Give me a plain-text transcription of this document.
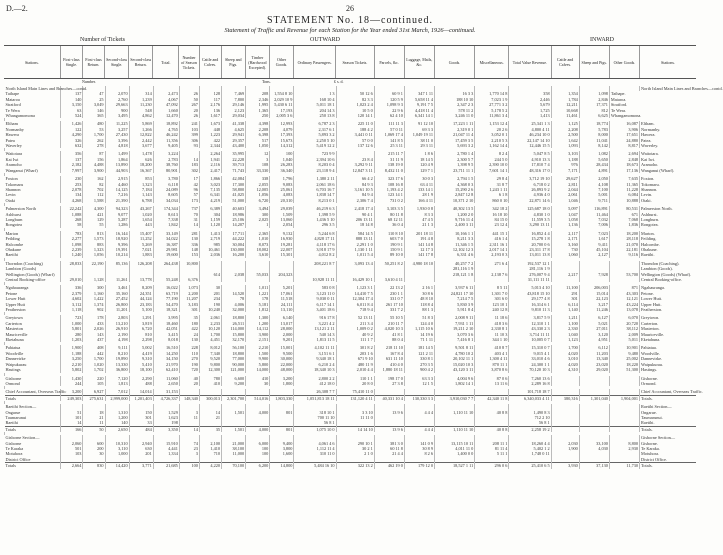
D.—2.	26
STATEMENT No. 18—continued.
Statement of Traffic and Revenue for each Station for the Year ended 31st March, 1926—continued.
Number of Tickets	OUTWARD	INWARD
Stations.	First-class Single.	First-class Return.	Second-class Single.	Second-class Return.	Total.	Number of Season Tickets.	Cattle and Calves.	Sheep and Pigs.	Timber (Hardwood Excepted).	Other Goods.	Ordinary Passengers.	Season Tickets.	Parcels, &c.	Luggage, Mails, &c.	Goods.	Miscellaneous.	Total Value Revenue.	Cattle and Calves.	Sheep and Pigs.	Other Goods.	Stations.
Number.	Tons.	£ s. d.
North Island Main Lines and Branches—contd.																					North Island Main Lines and Branches—contd.
Taihape	137	47	2,070	314	2,473	26	128	7,469	208	1,554 8 10	1 3	50 12 6	60 9 1	347 1 11	16 3 3	1,770 14 8	358	1,354	1,098	Taihape.	
Mataroa	140	25	2,760	1,239	4,067	50	117	7,800	2,346	2,029 10 9	168 10 4	82 3 3	120 5 9	5,658 11 4	188 10 10	7,023 1 9	2,446	1,784	2,846	Mataroa.	
Stratford	3,150	3,049	29,663	11,230	47,092	267	2,176	29,146	1,995	5,430 6 11	5,011 18 1	1,023 2 4	1,098 9 3	9,191 7 5	2,347 2 3	27,771 3 2	5,679	12,211	17,371	Stratford.	
Te Wera	63	146	900	548	1,660	20	136	2,123	1,365	17,193	204 14 3	10 5 0	22 9 6	4,418 11 4	578 11 2	5,178 5 2	1,725	10,668	812	Te Wera.	
Whangamomona	524	365	3,495	4,862	12,470	26	1,617	29,034	250	2,005 3 6	250 13 8	120 14 1	62 4 10	6,341 14 1	3,246 11 0	11,861 3 4	1,413	11,461	6,625	Whangamomona.	

Eltham	1,426	480	11,225	5,869	18,892	241	1,673	41,338	4,398	12,993	6,787 2 3	225 11 0	111 11 3	91 12 10	17,223 1 11	1,153 12 4	25,341 1 3	1,125	18,774	16,087	Eltham.
Normanby	122	53	3,257	1,266	4,765	103	448	4,625	2,208	4,079	2,317 6 1	188 4 2	57 0 11	69 3 3	2,319 0 1	20 2 6	4,800 4 11	2,208	5,783	3,906	Normanby.
Hawera	4,290	1,700	27,430	12,822	46,242	399	1,223	29,941	6,398	17,393	5,893 3 2	3,441 0 11	1,069 17 4	1,049 19 11	21,047 11 4	3,052 0 1	46,234 10 0	2,500	8,000	17,651	Hawera.
Patea	326	262	3,396	2,442	11,356	306	422	29,357	517	15,673	2,250 5 10	57 0 0	141 8 5	38 11 0	17,459 3 5	2,210 5 3	22,147 14 10	1,642	11,041	24,880	Patea.
Waverley	632	278	4,818	3,677	9,405	93	2,344	43,400	1,050	14,312	5,419 12 2	137 12 6	25 3 11	29 3 11	5,693 3 2	1,162 14 4	12,446 15 5	1,093	8,142	8,817	Waverley.

Waitotara	356	87	1,499	1,478	3,224		2,264	35,995	12	100	723 9 9		215 11 7	1 8 6	2,780 1 4	8 2 4	5,047 8 5	3,103	1,082	2,694	Waitotara.
Kai Iwi	137	156	1,864	626	2,783	14	1,941	22,228	3	1,040	2,394 10 6	23 8 4	31 11 9	18 14 5	2,300 5 7	244 5 0	4,910 13 3	1,188	5,650	2,848	Kai Iwi.
Aramoho	2,182	4,488	13,890	18,200	38,760	183	2,116	39,713	108	26,283	8,203 0 4	3,292 9 11	138 19 0	120 4 9	1,398 9 5	2,390 10 0	17,810 7 4	976	28,434	18,673	Aramoho.
Wanganui (Wharf)	7,997	3,900	44,903	16,367	80,901	302	2,417	71,743	33,330	36,340	23,118 9 4	12,847 3 11	8,432 11 0	129 7 1	23,711 11 1	7,601 14 1	48,316 17 0	7,171	4,891	17,136	Wanganui (Wharf).

Foxton	230	162	2,915	853	3,780	17	1,866	42,084	338	1,796	1,380 2 11	66 4 2	323 17 6	30 0 3	2,794 1 5	29 8 4	3,712 19 10	29,627	2,050	7,635	Foxton.
Tokomaru	253	82	4,460	1,323	6,118	42	3,023	17,300	2,055	9,083	2,061 18 6	84 9 3	108 16 8	63 4 11	4,368 0 3	31 8 7	6,718 0 2	2,811	4,108	11,365	Tokomaru.
Shannon	2,078	702	14,125	7,184	24,089	96	7,135	58,800	12,005	25,061	6,703 16 7	3,161 10 5	1,193 4 2	133 14 1	15,290 2 6	1,243 1 11	26,893 9 2	2,044	7,100	11,228	Shannon.
Levin	134	112	7,216	1,143	8,605	57	6,341	41,025	1,056	4,083	1,838 14 7	84 9 4	123 14 1	28 1 9	2,847 12 8	6 1 8	4,936 4 0	2,061	5,001	6,084	Levin.
Otaki	4,268	1,588	21,390	6,788	34,034	173	4,219	51,000	6,720	20,310	8,213 0 1	2,306 7 4	731 0 2	166 4 11	10,371 2 10	860 0 10	22,871 14 6	1,046	9,711	10,888	Otaki.

Palmerston North	22,242	4,300	94,323	43,267	174,344	737	6,389	40,603	3,494	29,039	46,219 6 3	2,418 17 4	3,103 3 5	1,930 0 8	40,302 13 5	342 18 2	125,687 18 0	5,097	116,891	80,531	Palmerston North.
Ashhurst	1,088	421	9,077	1,020	8,613	70	304	18,986	300	1,509	1,398 5 9	90 4 1	80 11 8	8 3 3	1,200 2 0	16 18 10	4,830 1 0	1,047	11,464	671	Ashhurst.
Longburn	268	129	5,287	1,654	7,338	31	1,159	25,106	2,025	13,060	1,436 5 10	206 13 11	68 12 11	47 4 5	9,716 11 4	84 15 0	11,559 3 5	1,058	7,032	7,068	Longburn.
Rongotea	58	55	1,286	443	1,842	14	1,120	14,207	1	2,054	296 3 5	18 14 8	36 0 4	21 1 3	2,400 3 11	23 12 4	3,290 13 11	1,136	7,006	1,836	Rongotea.

Marton	783	813	16,144	15,407	33,149	281	1,413	17,711	2,365	9,132	5,244 6 8	584 14 5	110 8 10	201 18 11	10,166 1 1	441 15 1	16,852 4 4	2,117	7,023	18,200	Marton.
Feilding	2,277	1,573	18,920	11,252	34,022	130	2,719	44,222	1,010	16,930	4,828 17 11	888 13 11	603 7 0	191 4 8	8,211 3 3	416 1 4	15,278 1 8	2,171	1,617	28,118	Feilding.
Halcombe	1,098	883	9,396	5,269	16,387	336	985	30,004	8,073	19,281	4,118 17 6	2,291 1 0	190 9 1	141 14 8	11,346 1 5	2,311 16 1	20,700 0 6	3,160	9,411	21,070	Halcombe.
Ohakune	2,239	1,323	19,391	7,021	29,981	148	10,461	130,000	18,002	22,007	3,918 17 9	1,130 1 11	150 9 1	12 17 3	12,102 12 3	2,017 14 1	23,311 17 8	730	45,104	22,181	Ohakune.
Raetihi	1,240	1,056	10,214	1,883	19,600	153	2,036	16,200	3,610	15,301	4,012 8 2	1,011 5 4	89 10 0	141 17 8	6,331 4 6	2,193 0 3	13,011 13 8	1,060	2,127	9,116	Raetihi.

Thorndon (Coaching)	28,833	22,190	85,136	126,208	264,438	10,800					208,221 8 7	3,093 13 4	50,251 8 2	4,980 18 10	40,257 7 2	271 6 4	192,537 12 1				Thorndon (Coaching).
Lambton (Goods)															281,116 1 9		281,116 1 9				Lambton (Goods).
Wellington (Goods) (Wharf)							614	2,038	55,033	204,323					218,121 1 8	2,138 7 6	276,007 9 4	2,217	7,928	53,700	Wellington (Goods) (Wharf).
Central Booking-office	29,010	1,128	11,261	13,778	55,248	6,376					10,928 11 11	16,429 10 1	3,610 4 11				31,111 11 11				Central Booking-office.

Ngahauranga	336	300	3,461	8,209	16,022	1,073	30		1,011	5,201	583 0 8	1,123 3 1	22 13 2	2 16 1	3,937 6 11	8 5 11	5,013 4 10	11,100	206,003	871	Ngahauranga.
Petone	2,379	1,160	35,160	24,351	63,719	2,200	201	14,520	1,221	17,061	3,123 11 0	14,410 7 5	230 1 1	30 8 6	24,821 17 10	1,301 7 0	43,818 15 10	291	15,014	43,303	Petone.
Lower Hutt	4,602	1,422	27,452	44,124	77,190	11,207	234	78	178	11,518	9,030 0 11	12,304 17 4	331 0 7	48 8 10	7,214 7 5	301 6 0	29,177 4 8	301	22,123	12,121	Lower Hutt.
Upper Hutt	3,112	1,374	26,800	23,183	54,470	3,183	190	4,006	5,181	24,111	6,117 14 1	6,011 8 4	261 17 10	118 8 4	5,830 3 9	123 10 1	16,314 6 1	6,114	3,217	43,224	Upper Hutt.
Featherston	1,118	902	11,201	5,100	18,321	301	10,240	32,000	1,812	13,110	3,401 18 6	718 9 4	331 7 2	88 1 3	5,911 8 4	240 12 8	9,810 11 3	1,140	11,246	13,078	Featherston.

Greytown	723	178	2,803	1,291	3,995	35	2,061	18,800	1,300	6,140	916 17 8	52 13 11	55 10 5	51 8 3	2,008 9 11	11 18 6	3,817 5 9	1,211	6,127	6,070	Greytown.
Carterton	1,000	433	13,210	3,819	18,460	180	2,233	26,511	1,200	13,017	3,221 4 2	211 3 4	210 11 7	124 4 0	7,931 1 11	418 3 6	12,310 1 1	1,100	5,021	20,720	Carterton.
Masterton	5,801	2,026	26,910	6,720	42,051	422	10,120	114,000	14,112	28,000	13,121 2 11	1,009 0 2	4,020 10 3	1,115 10 6	19,211 2 10	2,330 8 1	43,330 2 3	2,330	27,011	38,112	Masterton.
Mauriceville	280	143	2,190	810	3,415	24	1,700	15,800	3,900	2,000	540 14 3	40 9 2	41 8 1	14 19 6	3,070 3 6	11 10 3	3,714 11 11	1,040	3,120	2,009	Mauriceville.
Eketahuna	1,203	437	4,198	2,298	8,018	130	4,451	32,170	2,151	9,201	1,813 11 5	111 1 7	88 0 4	71 1 11	7,416 8 1	344 1 10	10,005 0 7	1,123	4,951	5,011	Eketahuna.

Pahiatua	1,900	408	9,111	5,002	16,510	228	8,012	56,100	2,210	15,001	4,102 11 11	301 8 2	218 11 10	181 14 5	9,501 8 11	410 8 7	15,310 0 7	1,700	6,112	10,901	Pahiatua.
Woodville	1,188	442	8,210	4,419	14,250	110	7,340	18,800	1,500	9,500	3,151 6 1	203 1 6	167 8 4	121 2 11	4,780 10 2	403 4 1	9,015 4 1	4,020	11,203	9,480	Woodville.
Dannevirke	3,250	1,700	19,890	9,310	34,150	270	9,520	77,000	9,900	30,000	9,340 18 1	671 9 10	631 11 10	330 8 1	20,102 11 1	1,300 4 11	33,010 4 6	3,010	13,340	25,002	Dannevirke.
Waipukurau	2,210	1,020	13,330	5,410	21,970	190	9,800	90,000	5,800	22,000	6,210 2 4	480 11 9	410 4 0	270 3 5	15,020 10 3	870 11 1	24,300 1 1	4,020	23,020	18,220	Waipukurau.
Hastings	5,802	1,702	36,800	18,100	62,410	720	12,300	121,000	14,000	48,000	18,340 10 3	2,010 4 4	1,880 18 11	900 4 2	43,120 3 11	3,870 8 6	70,120 10 3	4,310	29,020	51,300	Hastings.

Gisborne	1,430	220	7,120	2,290	11,060	40	780	6,600	410	3,200	2,800 2 2	110 1 1	198 17 0	63 3 3	4,004 9 6	87 0 6	7,260 13 6				Gisborne.
Ormond	244	105	1,813	488	2,650	20	410	9,200	30	1,800	412 18 0	20 8 0	27 3 8	12 1 5	1,802 14 1	13 11 6	2,289 16 8				Ormond.

Chief Accountant, Overseas Traffic	3,200	6,927	7,012	14,014	31,153						26,308 7 7	75,410 11 0					101,718 18 7				Chief Accountant, Overseas Traffic.
Totals	249,303	275,631	2,999,000	1,201,403	4,726,337	148,340	300,013	2,301,700	514,016	1,803,330	1,051,813 18 11	131,120 4 11	40,331 10 4	130,330 3 3	3,910,030 7 7	42,340 11 8	6,340,033 4 11	380,316	1,301,040	1,904,001	Totals.

Raetihi Section—																					Raetihi Section—
Ongarue	51	18	1,310	150	1,529	3	14	1,501	4,000	801	318 10 1	3 3 10	13 9 6	4 4 4	1,110 11 10	40 8 8	1,490 8 3				Ongarue.
Taumarunui	101	21	1,200	301	1,623	11	21				700 11 10	11 11 0					712 2 10				Taumarunui.
Raetihi	14	11	140	33	198						56 8 1						56 8 1				Raetihi.
Totals	166	50	2,650	484	3,350	14	35	1,501	4,000	801	1,075 10 0	14 14 10	13 9 6	4 4 4	1,110 11 10	40 8 8	2,258 19 2				Totals.

Gisborne Section—																					Gisborne Section—
Gisborne	2,060	600	10,310	2,940	15,910	74	2,100	21,000	6,000	9,400	4,061 4 6	290 10 1	381 3 0	141 0 9	13,115 10 11	208 11 1	18,260 4 4	2,030	33,100	8,800	Gisborne.
Te Karaka	501	200	3,110	630	4,441	23	1,410	38,100	100	3,800	1,112 11 4	30 2 1	60 11 8	30 8 9	4,011 11 0	81 11 4	5,402 1 2	1,900	4,030	2,930	Te Karaka.
Motuhora	103	30	1,000	201	1,334	3	710	11,000	100	1,600	310 11 0	2 1 0	21 4 4	8 2 6	1,400 0 0	5 11 1	1,748 0 11				Motuhora.
District Office																					District Office.
Totals	2,664	830	14,420	3,771	21,685	100	4,220	70,100	6,200	14,800	5,484 16 10	322 13 2	462 19 0	179 12 0	18,527 1 11	296 0 6	25,410 6 5	3,930	37,130	11,730	Totals.
